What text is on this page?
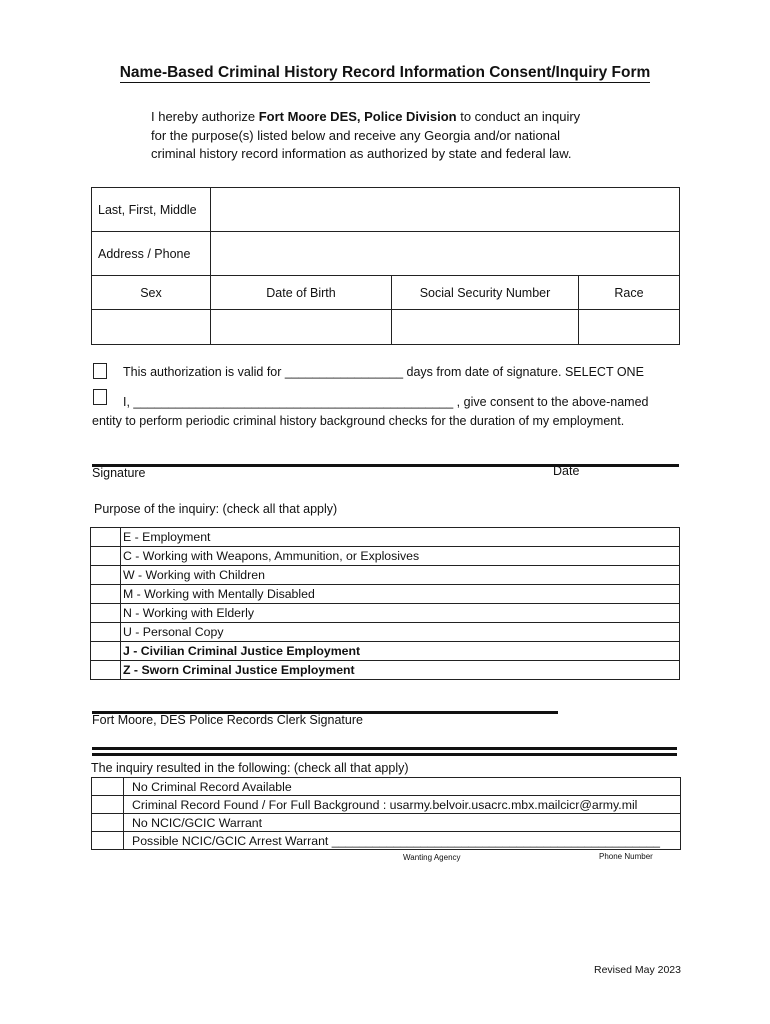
Name-Based Criminal History Record Information Consent/Inquiry Form
I hereby authorize Fort Moore DES, Police Division to conduct an inquiry
for the purpose(s) listed below and receive any Georgia and/or national
criminal history record information as authorized by state and federal law.
Last, First, Middle			
Address / Phone			
Sex	Date of Birth	Social Security Number	Race

This authorization is valid for _________________ days from date of signature. SELECT ONE
I, ______________________________________________ , give consent to the above-named
entity to perform periodic criminal history background checks for the duration of my employment.
Signature	Date
Purpose of the inquiry: (check all that apply)
	E - Employment
	C - Working with Weapons, Ammunition, or Explosives
	W - Working with Children
	M - Working with Mentally Disabled
	N - Working with Elderly
	U - Personal Copy
	J - Civilian Criminal Justice Employment
	Z - Sworn Criminal Justice Employment
Fort Moore, DES Police Records Clerk Signature
The inquiry resulted in the following: (check all that apply)
	No Criminal Record Available
	Criminal Record Found / For Full Background : usarmy.belvoir.usacrc.mbx.mailcicr@army.mil
	No NCIC/GCIC Warrant
	Possible NCIC/GCIC Arrest Warrant ________________________________________________
Wanting Agency	Phone Number
Revised May 2023
